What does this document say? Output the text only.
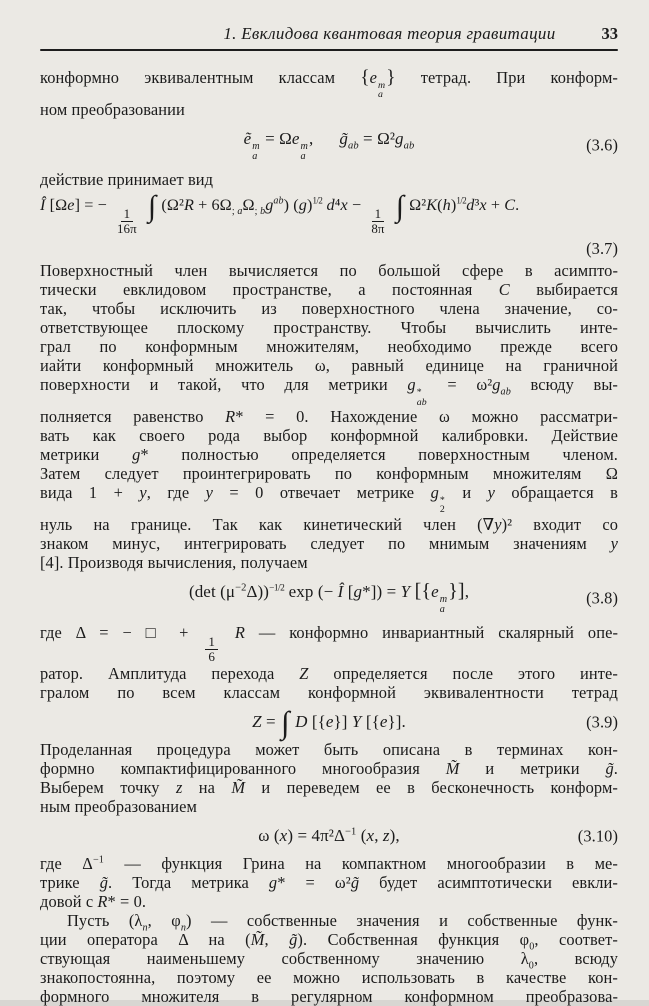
1. Евклидова квантовая теория гравитации	33
конформно эквивалентным классам {e m
a
} тетрад. При конформ-
ном преобразовании
ẽ m
a
= Ωe m
a
, $g̃_{ab} = \Omega^2g_{ab}$	(3.6)
действие принимает вид
Î [Ωe] = −
$\frac{1}{16\pi}$ ∫ $(\Omega^2R + 6\Omega_{; a}\Omega_{; b}g^{ab})$ $(g)^{1/2}$ d⁴x −
$\frac{1}{8\pi}$ ∫ $\Omega^2K(h)^{1/2}d^3x + C$.
(3.7)
Поверхностный член вычисляется по большой сфере в асимпто-
тически евклидовом пространстве, а постоянная C выбирается
так, чтобы исключить из поверхностного члена значение, со-
ответствующее плоскому пространству. Чтобы вычислить инте-
грал по конформным множителям, необходимо прежде всего
иайти конформный множитель ω, равный единице на граничной
поверхности и такой, что для метрики g *
ab
= $\omega^2g_{ab}$ всюду вы-
полняется равенство R* = 0. Нахождение ω можно рассматри-
вать как своего рода выбор конформной калибровки. Действие
метрики g* полностью определяется поверхностным членом.
Затем следует проинтегрировать по конформным множителям Ω
вида 1 + y, где y = 0 отвечает метрике g *
2
и y обращается в
нуль на границе. Так как кинетический член (∇y)² входит со
знаком минус, интегрировать следует по мнимым значениям y
[4]. Производя вычисления, получаем
(det $(\mu^{-2}\Delta))^{-1/2}$ exp (− Î [g*]) = Y [{e m
a
}],	(3.8)
где Δ = − □ +
$\frac{1}{6}$
R — конформно инвариантный скалярный опе-
ратор. Амплитуда перехода Z определяется после этого инте-
гралом по всем классам конформной эквивалентности тетрад
Z = ∫ D [{e}] Y [{e}].	(3.9)
Проделанная процедура может быть описана в терминах кон-
формно компактифицированного многообразия M̃ и метрики g̃.
Выберем точку z на M̃ и переведем ее в бесконечность конформ-
ным преобразованием
ω $(x) = 4\pi^2\Delta^{-1}$ (x, z),	(3.10)
где $\Delta^{-1}$ — функция Грина на компактном многообразии в ме-
трике g̃. Тогда метрика g* = ω²g̃ будет асимптотически евкли-
довой с R* = 0.
Пусть ($\lambda_n$, $\varphi_n$) — собственные значения и собственные функ-
ции оператора Δ на (M̃, g̃). Собственная функция $\varphi_0$, соответ-
ствующая наименьшему собственному значению $\lambda_0$, всюду
знакопостоянна, поэтому ее можно использовать в качестве кон-
формного множителя в регулярном конформном преобразова-
